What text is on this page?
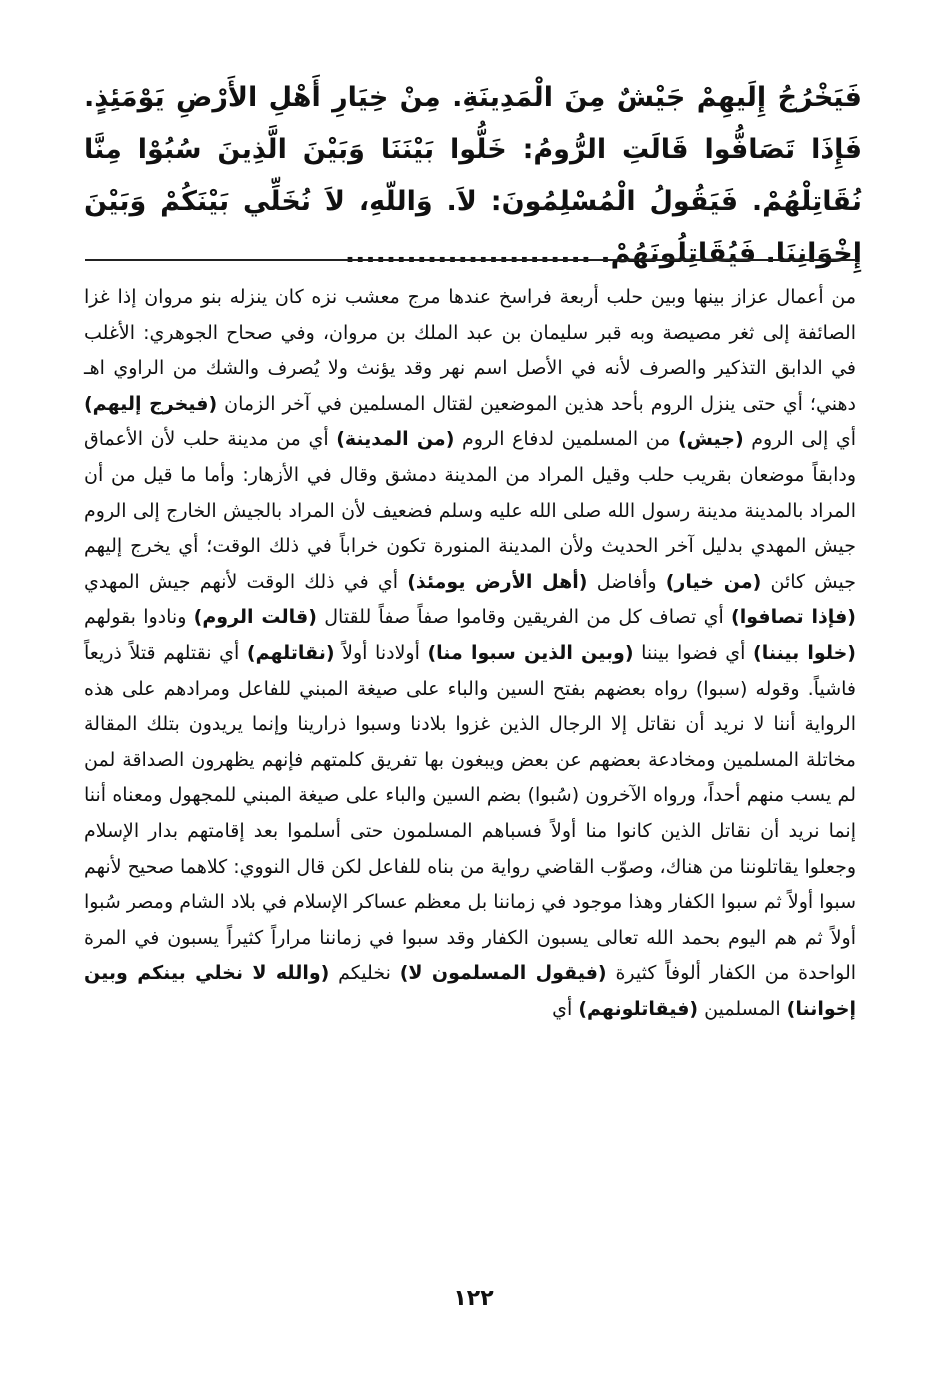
فَيَخْرُجُ إِلَيهِمْ جَيْشٌ مِنَ الْمَدِينَةِ. مِنْ خِيَارِ أَهْلِ الأَرْضِ يَوْمَئِذٍ. فَإِذَا تَصَافُّوا قَالَتِ الرُّومُ: خَلُّوا بَيْنَنَا وَبَيْنَ الَّذِينَ سُبُوْا مِنَّا نُقَاتِلْهُمْ. فَيَقُولُ الْمُسْلِمُونَ: لاَ. وَاللّهِ، لاَ نُخَلِّي بَيْنَكُمْ وَبَيْنَ إِخْوَانِنَا. فَيُقَاتِلُونَهُمْ. ........................

من أعمال عزاز بينها وبين حلب أربعة فراسخ عندها مرج معشب نزه كان ينزله بنو مروان إذا غزا الصائفة إلى ثغر مصيصة وبه قبر سليمان بن عبد الملك بن مروان، وفي صحاح الجوهري: الأغلب في الدابق التذكير والصرف لأنه في الأصل اسم نهر وقد يؤنث ولا يُصرف والشك من الراوي اهـ دهني؛ أي حتى ينزل الروم بأحد هذين الموضعين لقتال المسلمين في آخر الزمان (فيخرج إليهم) أي إلى الروم (جيش) من المسلمين لدفاع الروم (من المدينة) أي من مدينة حلب لأن الأعماق ودابقاً موضعان بقريب حلب وقيل المراد من المدينة دمشق وقال في الأزهار: وأما ما قيل من أن المراد بالمدينة مدينة رسول الله صلى الله عليه وسلم فضعيف لأن المراد بالجيش الخارج إلى الروم جيش المهدي بدليل آخر الحديث ولأن المدينة المنورة تكون خراباً في ذلك الوقت؛ أي يخرج إليهم جيش كائن (من خيار) وأفاضل (أهل الأرض يومئذ) أي في ذلك الوقت لأنهم جيش المهدي (فإذا تصافوا) أي تصاف كل من الفريقين وقاموا صفاً صفاً للقتال (قالت الروم) ونادوا بقولهم (خلوا بيننا) أي فضوا بيننا (وبين الذين سبوا منا) أولادنا أولاً (نقاتلهم) أي نقتلهم قتلاً ذريعاً فاشياً. وقوله (سبوا) رواه بعضهم بفتح السين والباء على صيغة المبني للفاعل ومرادهم على هذه الرواية أننا لا نريد أن نقاتل إلا الرجال الذين غزوا بلادنا وسبوا ذرارينا وإنما يريدون بتلك المقالة مخاتلة المسلمين ومخادعة بعضهم عن بعض ويبغون بها تفريق كلمتهم فإنهم يظهرون الصداقة لمن لم يسب منهم أحداً، ورواه الآخرون (سُبوا) بضم السين والباء على صيغة المبني للمجهول ومعناه أننا إنما نريد أن نقاتل الذين كانوا منا أولاً فسباهم المسلمون حتى أسلموا بعد إقامتهم بدار الإسلام وجعلوا يقاتلوننا من هناك، وصوّب القاضي رواية من بناه للفاعل لكن قال النووي: كلاهما صحيح لأنهم سبوا أولاً ثم سبوا الكفار وهذا موجود في زماننا بل معظم عساكر الإسلام في بلاد الشام ومصر سُبوا أولاً ثم هم اليوم بحمد الله تعالى يسبون الكفار وقد سبوا في زماننا مراراً كثيراً يسبون في المرة الواحدة من الكفار ألوفاً كثيرة (فيقول المسلمون لا) نخليكم (والله لا نخلي بينكم وبين إخواننا) المسلمين (فيقاتلونهم) أي

١٢٢
